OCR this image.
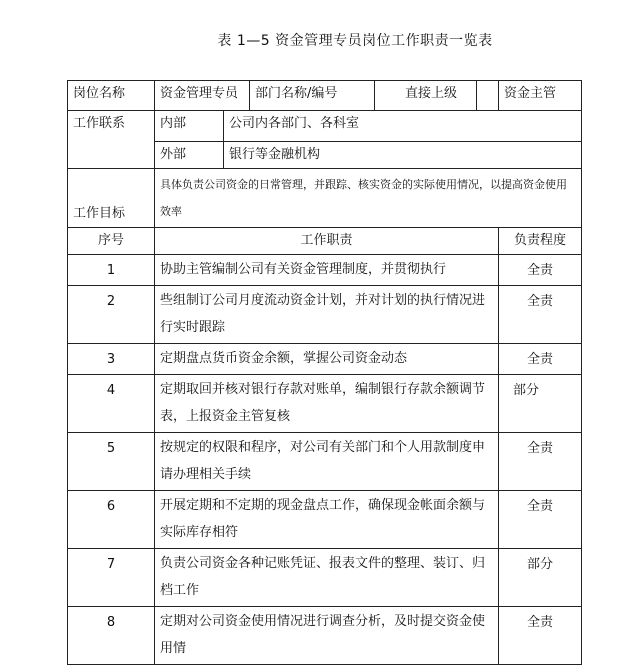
表 1—5 资金管理专员岗位工作职责一览表
岗位名称	资金管理专员		部门名称/编号	直接上级		资金主管
工作联系	内部	公司内各部门、各科室				
	外部	银行等金融机构				
工作目标	具体负责公司资金的日常管理，并跟踪、核实资金的实际使用情况，以提高资金使用效率					
序号	工作职责					负责程度
1	协助主管编制公司有关资金管理制度，并贯彻执行					全责
2	些组制订公司月度流动资金计划，并对计划的执行情况进行实时跟踪					全责
3	定期盘点货币资金余额，掌握公司资金动态					全责
4	定期取回并核对银行存款对账单，编制银行存款余额调节表，上报资金主管复核					部分
5	按规定的权限和程序，对公司有关部门和个人用款制度申请办理相关手续					全责
6	开展定期和不定期的现金盘点工作，确保现金帐面余额与实际库存相符					全责
7	负责公司资金各种记账凭证、报表文件的整理、装订、归档工作					部分
8	定期对公司资金使用情况进行调查分析，及时提交资金使用情					全责
